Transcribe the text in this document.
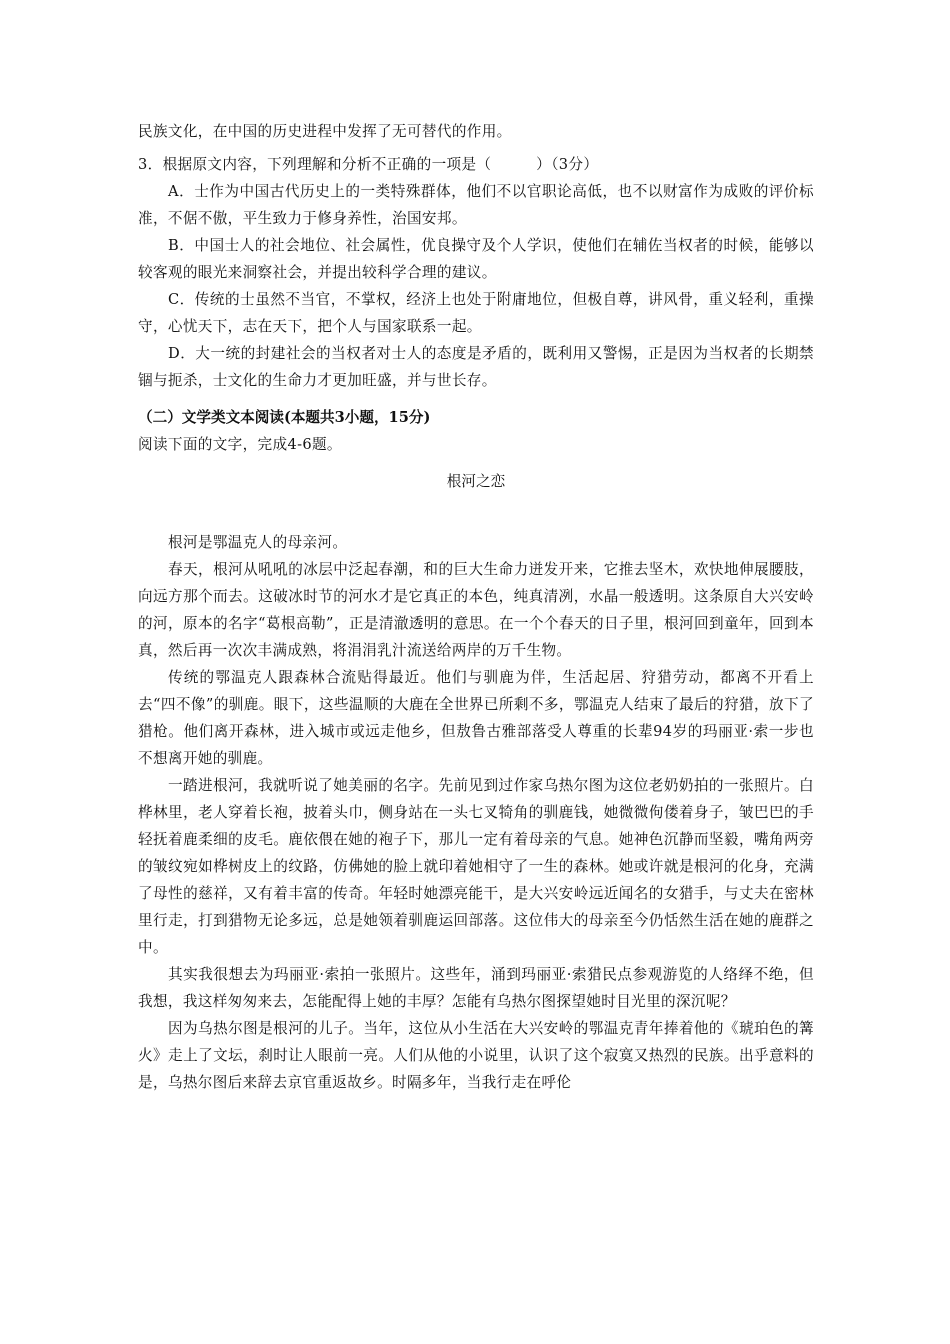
民族文化，在中国的历史进程中发挥了无可替代的作用。

3．根据原文内容，下列理解和分析不正确的一项是（　　　）（3分）

A．士作为中国古代历史上的一类特殊群体，他们不以官职论高低，也不以财富作为成败的评价标准，不倨不傲，平生致力于修身养性，治国安邦。

B．中国士人的社会地位、社会属性，优良操守及个人学识，使他们在辅佐当权者的时候，能够以较客观的眼光来洞察社会，并提出较科学合理的建议。

C．传统的士虽然不当官，不掌权，经济上也处于附庸地位，但极自尊，讲风骨，重义轻利，重操守，心忧天下，志在天下，把个人与国家联系一起。

D．大一统的封建社会的当权者对士人的态度是矛盾的，既利用又警惕，正是因为当权者的长期禁锢与扼杀，士文化的生命力才更加旺盛，并与世长存。

（二）文学类文本阅读(本题共3小题，15分)

阅读下面的文字，完成4-6题。

根河之恋

根河是鄂温克人的母亲河。

春天，根河从吼吼的冰层中泛起春潮，和的巨大生命力迸发开来，它推去坚木，欢快地伸展腰肢，向远方那个而去。这破冰时节的河水才是它真正的本色，纯真清冽，水晶一般透明。这条原自大兴安岭的河，原本的名字“葛根高勒”，正是清澈透明的意思。在一个个春天的日子里，根河回到童年，回到本真，然后再一次次丰满成熟，将涓涓乳汁流送给两岸的万千生物。

传统的鄂温克人跟森林合流贴得最近。他们与驯鹿为伴，生活起居、狩猎劳动，都离不开看上去“四不像”的驯鹿。眼下，这些温顺的大鹿在全世界已所剩不多，鄂温克人结束了最后的狩猎，放下了猎枪。他们离开森林，进入城市或远走他乡，但敖鲁古雅部落受人尊重的长辈94岁的玛丽亚·索一步也不想离开她的驯鹿。

一踏进根河，我就听说了她美丽的名字。先前见到过作家乌热尔图为这位老奶奶拍的一张照片。白桦林里，老人穿着长袍，披着头巾，侧身站在一头七叉犄角的驯鹿钱，她微微佝偻着身子，皱巴巴的手轻抚着鹿柔细的皮毛。鹿依偎在她的袍子下，那儿一定有着母亲的气息。她神色沉静而坚毅，嘴角两旁的皱纹宛如桦树皮上的纹路，仿佛她的脸上就印着她相守了一生的森林。她或许就是根河的化身，充满了母性的慈祥，又有着丰富的传奇。年轻时她漂亮能干，是大兴安岭远近闻名的女猎手，与丈夫在密林里行走，打到猎物无论多远，总是她领着驯鹿运回部落。这位伟大的母亲至今仍恬然生活在她的鹿群之中。

其实我很想去为玛丽亚·索拍一张照片。这些年，涌到玛丽亚·索猎民点参观游览的人络绎不绝，但我想，我这样匆匆来去，怎能配得上她的丰厚？怎能有乌热尔图探望她时目光里的深沉呢？

因为乌热尔图是根河的儿子。当年，这位从小生活在大兴安岭的鄂温克青年捧着他的《琥珀色的篝火》走上了文坛，刹时让人眼前一亮。人们从他的小说里，认识了这个寂寞又热烈的民族。出乎意料的是，乌热尔图后来辞去京官重返故乡。时隔多年，当我行走在呼伦
